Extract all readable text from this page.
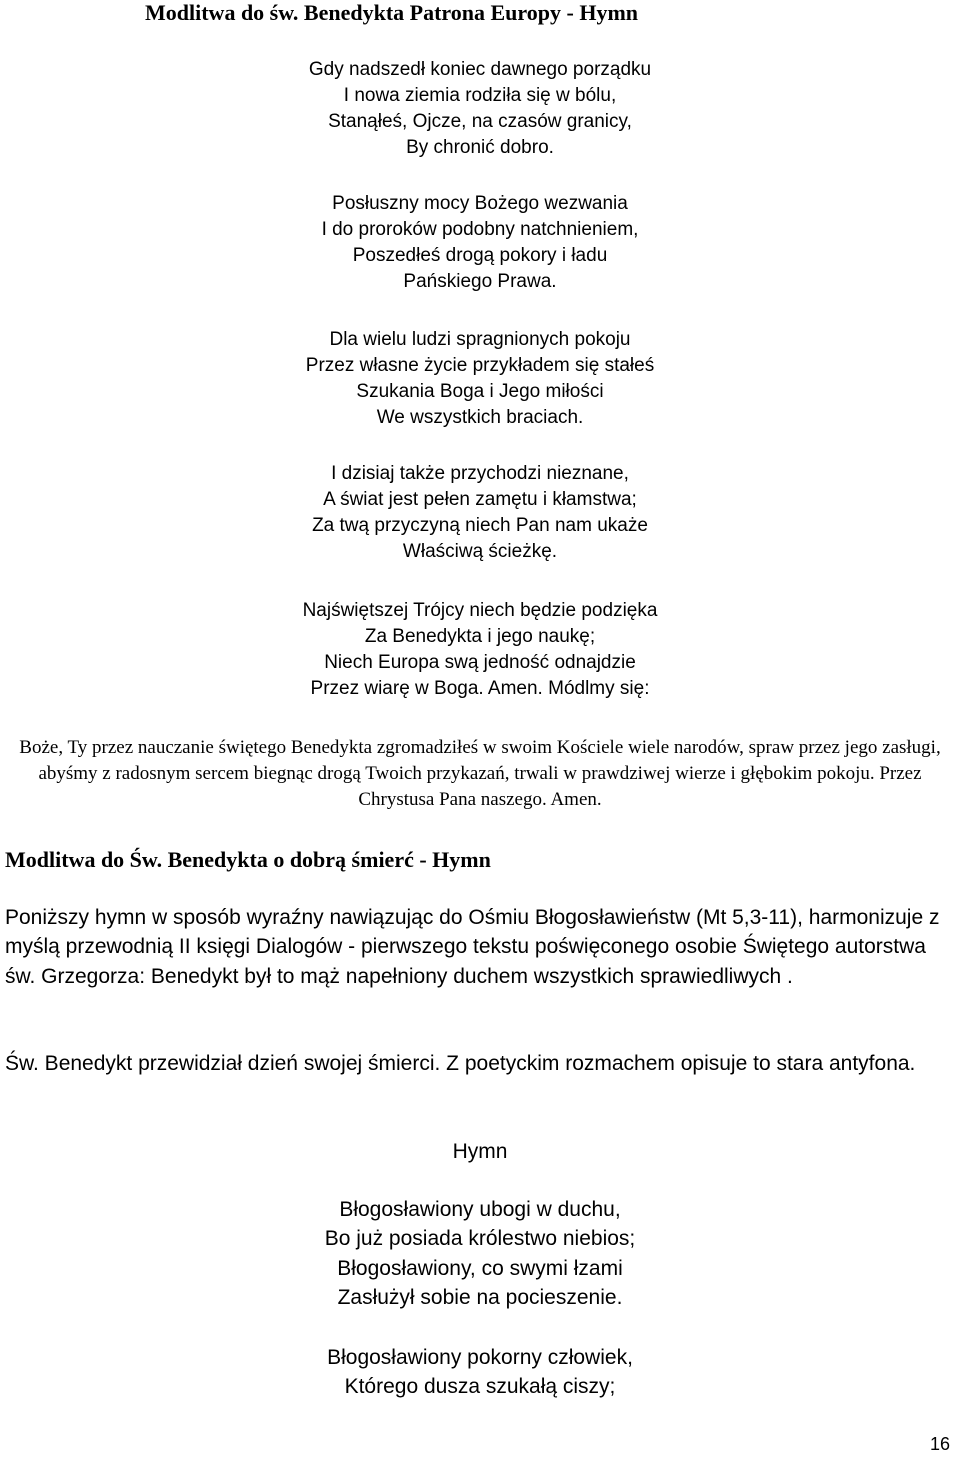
Modlitwa do św. Benedykta Patrona Europy - Hymn
Gdy nadszedł koniec dawnego porządku
I nowa ziemia rodziła się w bólu,
Stanąłeś, Ojcze, na czasów granicy,
By chronić dobro.
Posłuszny mocy Bożego wezwania
I do proroków podobny natchnieniem,
Poszedłeś drogą pokory i ładu
Pańskiego Prawa.
Dla wielu ludzi spragnionych pokoju
Przez własne życie przykładem się stałeś
Szukania Boga i Jego miłości
We wszystkich braciach.
I dzisiaj także przychodzi nieznane,
A świat jest pełen zamętu i kłamstwa;
Za twą przyczyną niech Pan nam ukaże
Właściwą ścieżkę.
Najświętszej Trójcy niech będzie podzięka
Za Benedykta i jego naukę;
Niech Europa swą jedność odnajdzie
Przez wiarę w Boga. Amen. Módlmy się:
Boże, Ty przez nauczanie świętego Benedykta zgromadziłeś w swoim Kościele wiele narodów, spraw przez jego zasługi, abyśmy z radosnym sercem biegnąc drogą Twoich przykazań, trwali w prawdziwej wierze i głębokim pokoju. Przez Chrystusa Pana naszego. Amen.
Modlitwa do Św. Benedykta o dobrą śmierć - Hymn
Poniższy hymn w sposób wyraźny nawiązując do Ośmiu Błogosławieństw (Mt 5,3-11), harmonizuje z myślą przewodnią II księgi Dialogów - pierwszego tekstu poświęconego osobie Świętego autorstwa św. Grzegorza: Benedykt był to mąż napełniony duchem wszystkich sprawiedliwych .
Św. Benedykt przewidział dzień swojej śmierci. Z poetyckim rozmachem opisuje to stara antyfona.
Hymn
Błogosławiony ubogi w duchu,
Bo już posiada królestwo niebios;
Błogosławiony, co swymi łzami
Zasłużył sobie na pocieszenie.
Błogosławiony pokorny człowiek,
Którego dusza szukałą ciszy;
16
